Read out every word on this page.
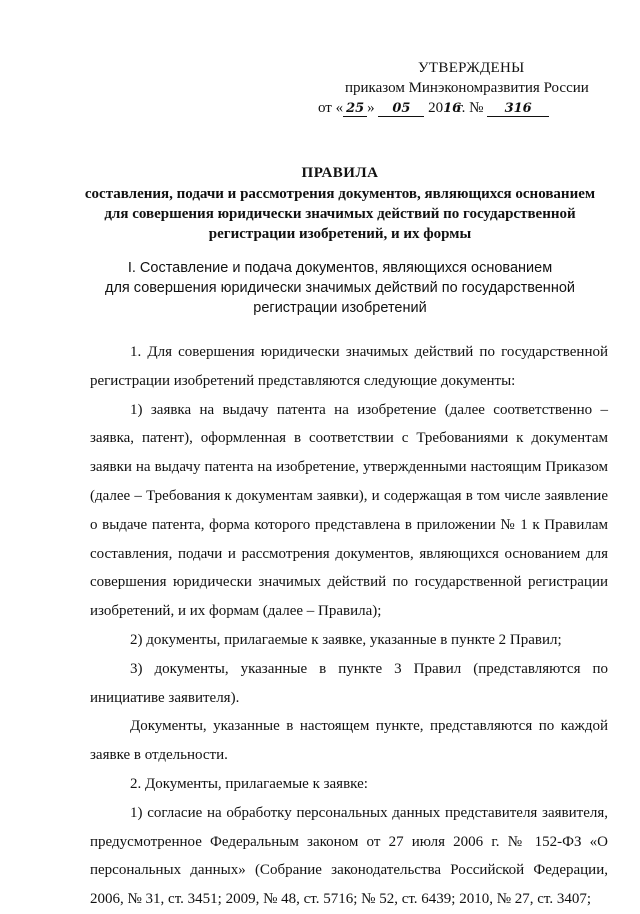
УТВЕРЖДЕНЫ
приказом Минэкономразвития России
от « 25 » 05 2016г. № 316
ПРАВИЛА
составления, подачи и рассмотрения документов, являющихся основанием
для совершения юридически значимых действий по государственной
регистрации изобретений, и их формы
I. Составление и подача документов, являющихся основанием
для совершения юридически значимых действий по государственной
регистрации изобретений

1. Для совершения юридически значимых действий по государственной регистрации изобретений представляются следующие документы:

1) заявка на выдачу патента на изобретение (далее соответственно – заявка, патент), оформленная в соответствии с Требованиями к документам заявки на выдачу патента на изобретение, утвержденными настоящим Приказом (далее – Требования к документам заявки), и содержащая в том числе заявление о выдаче патента, форма которого представлена в приложении № 1 к Правилам составления, подачи и рассмотрения документов, являющихся основанием для совершения юридически значимых действий по государственной регистрации изобретений, и их формам (далее – Правила);

2) документы, прилагаемые к заявке, указанные в пункте 2 Правил;

3) документы, указанные в пункте 3 Правил (представляются по инициативе заявителя).

Документы, указанные в настоящем пункте, представляются по каждой заявке в отдельности.

2. Документы, прилагаемые к заявке:

1) согласие на обработку персональных данных представителя заявителя, предусмотренное Федеральным законом от 27 июля 2006 г. № 152-ФЗ «О персональных данных» (Собрание законодательства Российской Федерации, 2006, № 31, ст. 3451; 2009, № 48, ст. 5716; № 52, ст. 6439; 2010, № 27, ст. 3407;
